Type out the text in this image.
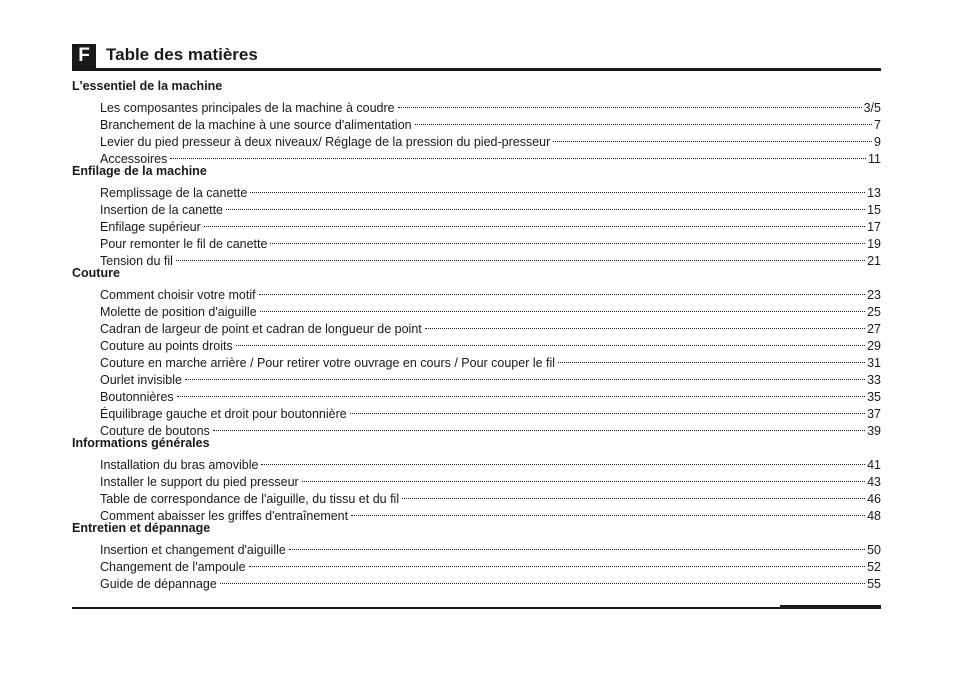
F Table des matières
L'essentiel de la machine
Les composantes principales de la machine à coudre	3/5
Branchement de la machine à une source d'alimentation	7
Levier du pied presseur à deux niveaux/ Réglage de la pression du pied-presseur	9
Accessoires	11
Enfilage de la machine
Remplissage de la canette	13
Insertion de la canette	15
Enfilage supérieur	17
Pour remonter le fil de canette	19
Tension du fil	21
Couture
Comment choisir votre motif	23
Molette de position d'aiguille	25
Cadran de largeur de point et cadran de longueur de point	27
Couture au points droits	29
Couture en marche arrière / Pour retirer votre ouvrage en cours / Pour couper le fil	31
Ourlet invisible	33
Boutonnières	35
Équilibrage gauche et droit pour boutonnière	37
Couture de boutons	39
Informations générales
Installation du bras amovible	41
Installer le support du pied presseur	43
Table de correspondance de l'aiguille, du tissu et du fil	46
Comment abaisser les griffes d'entraînement	48
Entretien et dépannage
Insertion et changement d'aiguille	50
Changement de l'ampoule	52
Guide de dépannage	55
